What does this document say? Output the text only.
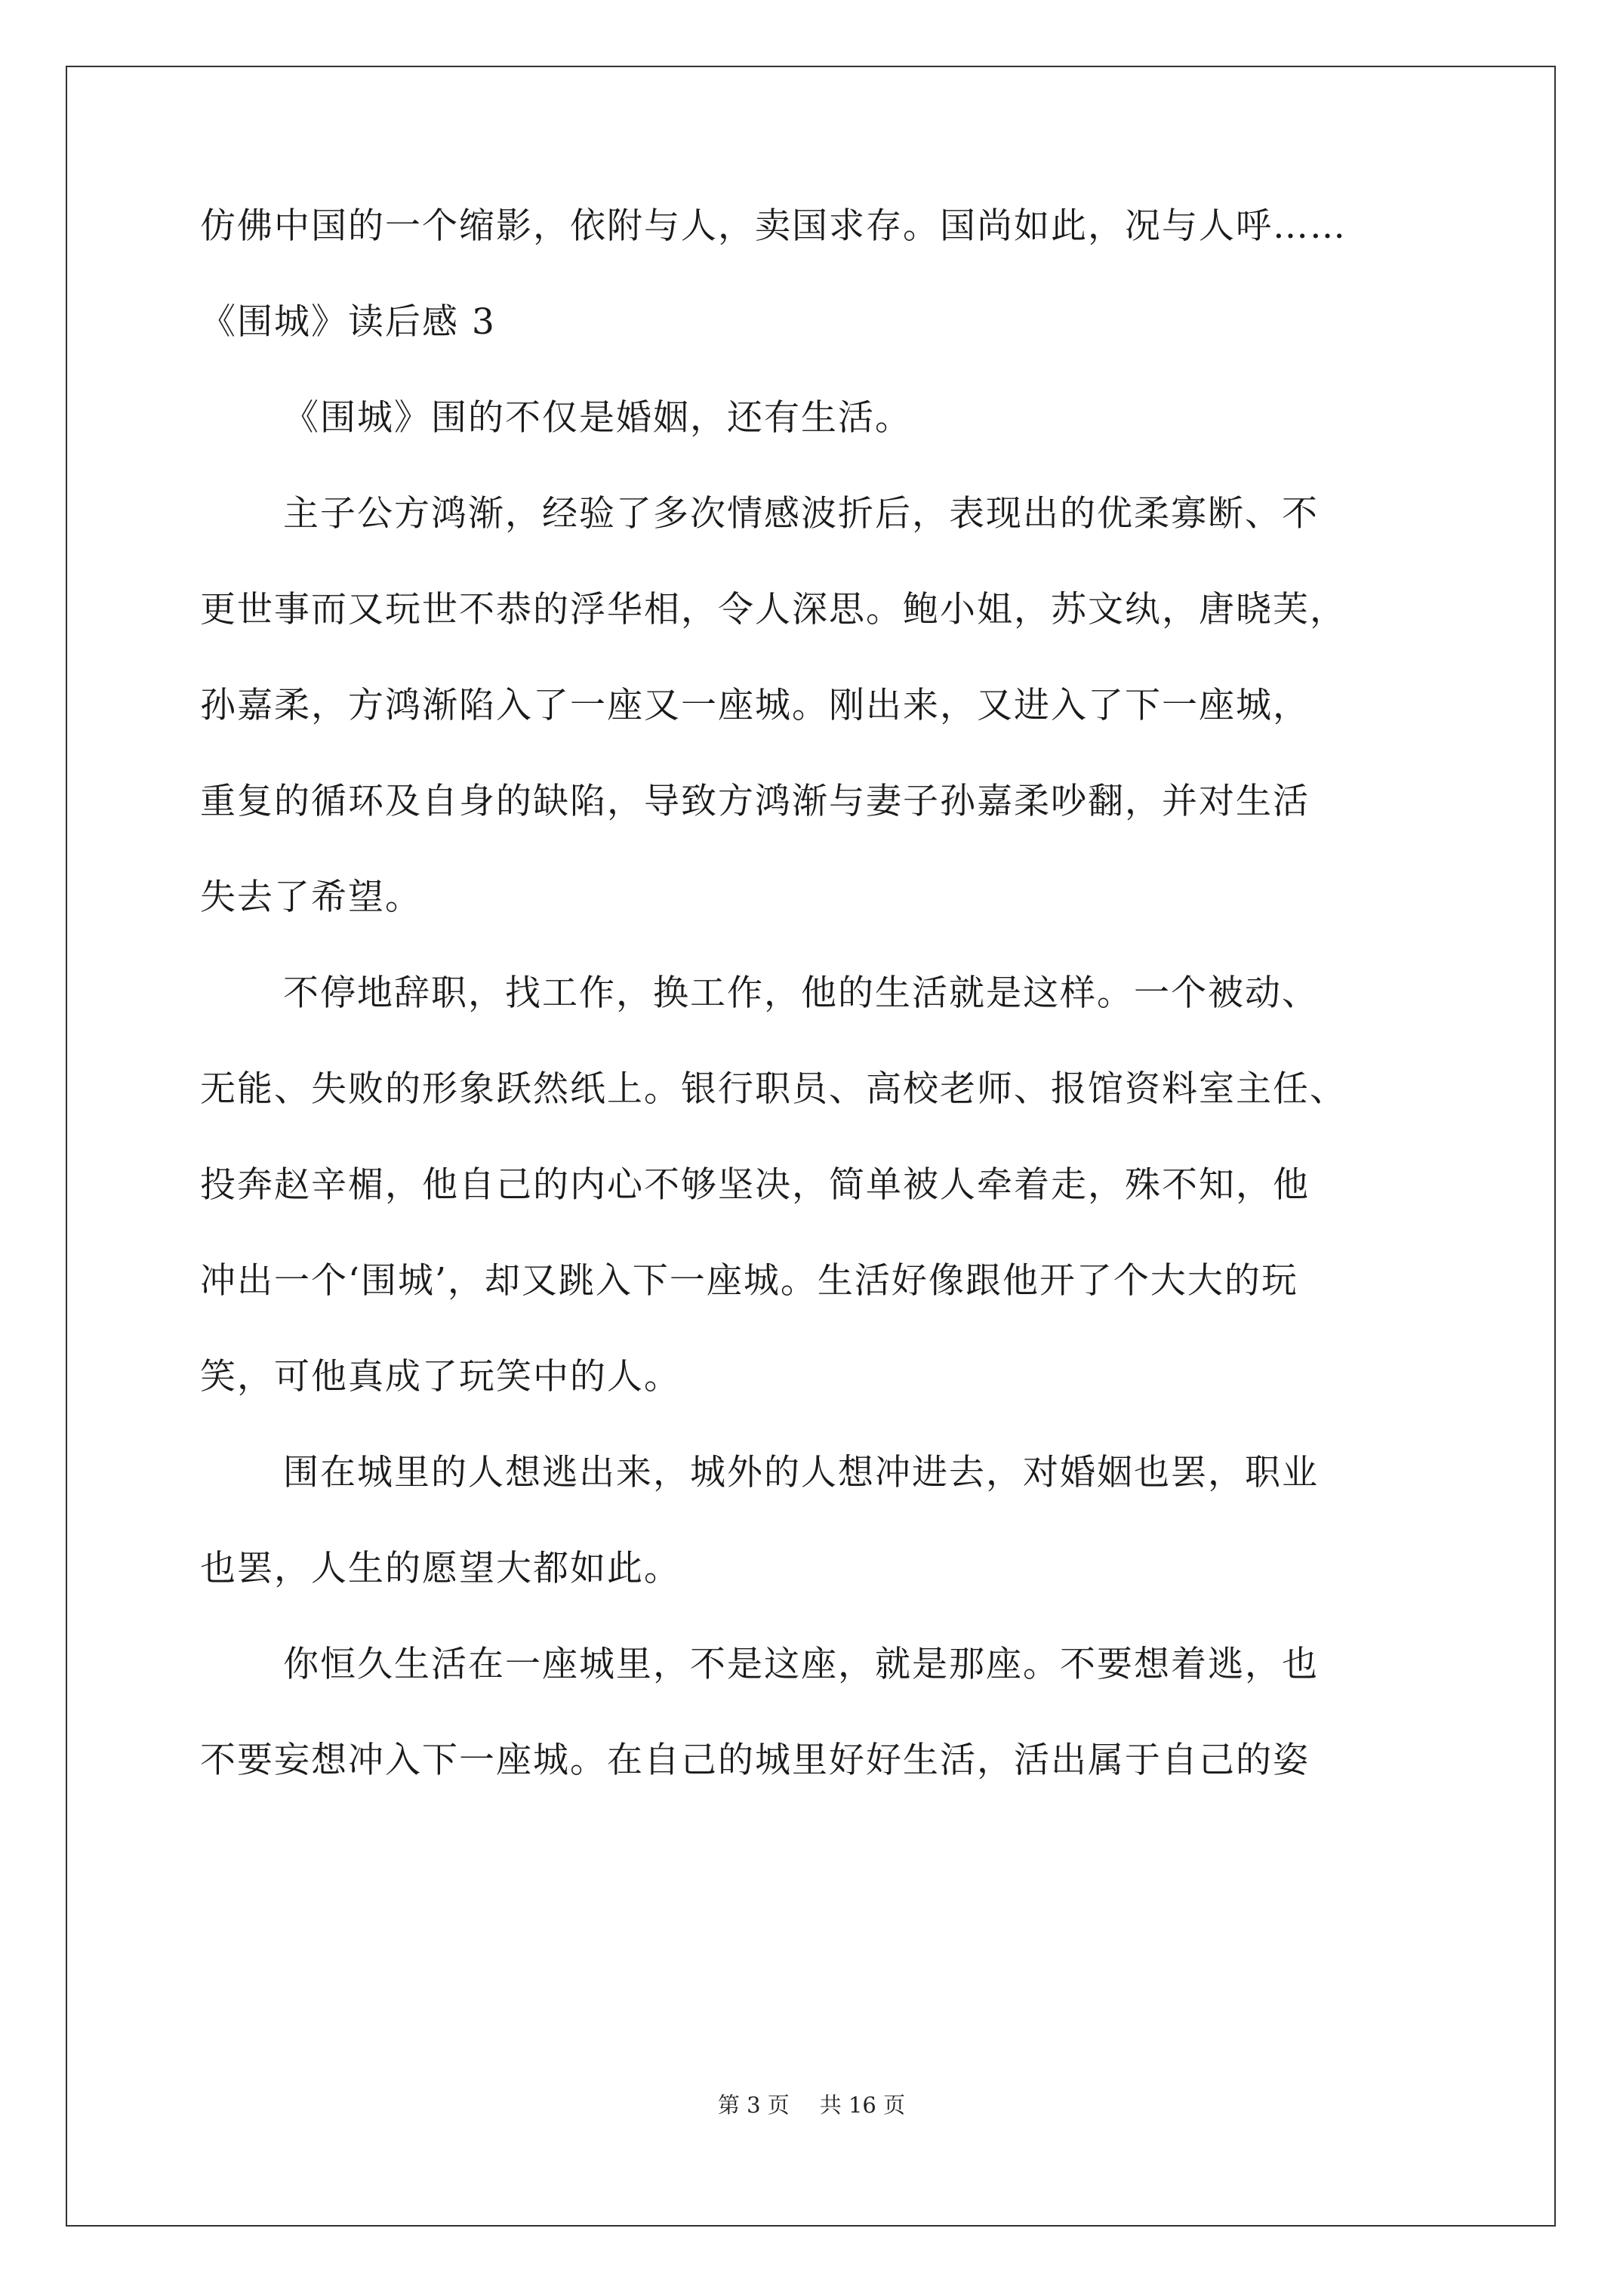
仿佛中国的一个缩影，依附与人，卖国求存。国尚如此，况与人呼……
《围城》读后感 3
《围城》围的不仅是婚姻，还有生活。
主子公方鸿渐，经验了多次情感波折后，表现出的优柔寡断、不
更世事而又玩世不恭的浮华相，令人深思。鲍小姐，苏文纨，唐晓芙，
孙嘉柔，方鸿渐陷入了一座又一座城。刚出来，又进入了下一座城，
重复的循环及自身的缺陷，导致方鸿渐与妻子孙嘉柔吵翻，并对生活
失去了希望。
不停地辞职，找工作，换工作，他的生活就是这样。一个被动、
无能、失败的形象跃然纸上。银行职员、高校老师、报馆资料室主任、
投奔赵辛楣，他自己的内心不够坚决，简单被人牵着走，殊不知，他
冲出一个‘围城’，却又跳入下一座城。生活好像跟他开了个大大的玩
笑，可他真成了玩笑中的人。
围在城里的人想逃出来，城外的人想冲进去，对婚姻也罢，职业
也罢，人生的愿望大都如此。
你恒久生活在一座城里，不是这座，就是那座。不要想着逃，也
不要妄想冲入下一座城。在自己的城里好好生活，活出属于自己的姿
第 3 页 共 16 页
